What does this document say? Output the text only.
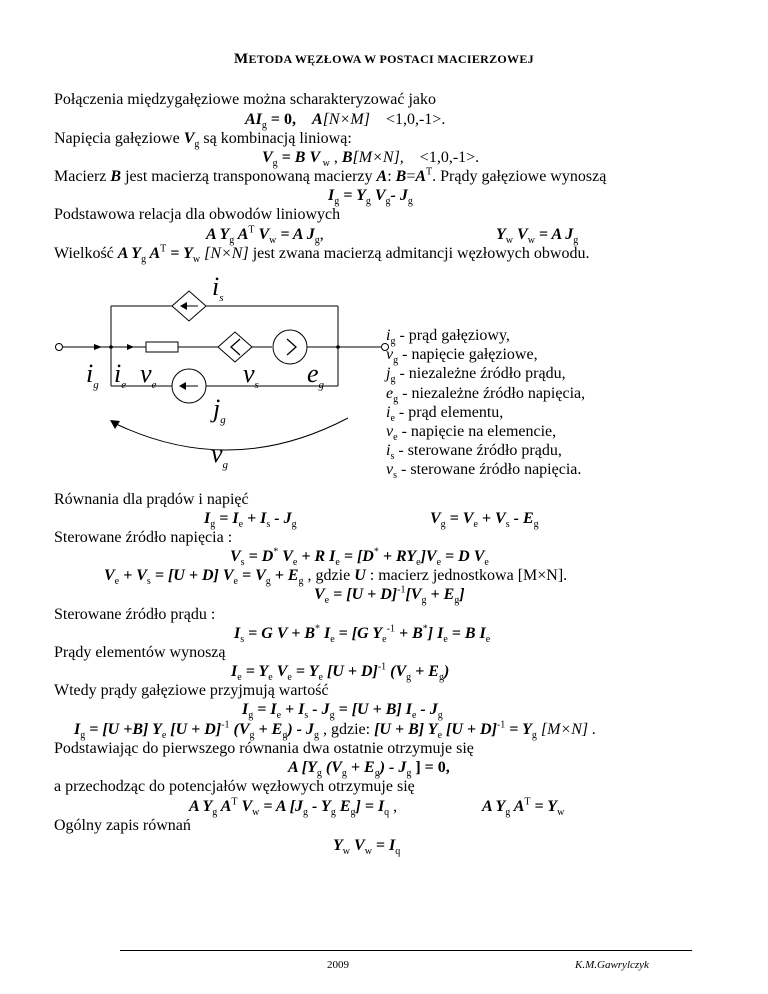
METODA WĘZŁOWA W POSTACI MACIERZOWEJ
Połączenia międzygałęziowe można scharakteryzować jako
$AI_g = 0$, A[N×M] <1,0,-1>.
Napięcia gałęziowe $V_g$ są kombinacją liniową:
$V_g = B$ V $_w$ , B[M×N], <1,0,-1>.
Macierz B jest macierzą transponowaną macierzy A: $B=A^T$. Prądy gałęziowe wynoszą
$I_g = Y_g$ $V_g-$ $J_g$
Podstawowa relacja dla obwodów liniowych
A $Y_g$ $A^T$ $V_w = A$ $J_g$,	$Y_w$ $V_w = A$ $J_g$
Wielkość A $Y_g$ $A^T = Y_w$ [N×N] jest zwana macierzą admitancji węzłowych obwodu.
$i_s$
$i_g$ $i_e$ $v_e$	$v_s$ $e_g$
$j_g$
$v_g$
$i_g$ - prąd gałęziowy,
$v_g$ - napięcie gałęziowe,
$j_g$ - niezależne źródło prądu,
$e_g$ - niezależne źródło napięcia,
$i_e$ - prąd elementu,
$v_e$ - napięcie na elemencie,
$i_s$ - sterowane źródło prądu,
$v_s$ - sterowane źródło napięcia.
Równania dla prądów i napięć
$I_g = I_e + I_s - J_g$	$V_g = V_e + V_s - E_g$
Sterowane źródło napięcia :
$V_s = D^*$ $V_e + R$ $I_e = [D^* + RY_e]V_e = D$ $V_e$
$V_e + V_s = [U + D] V_e = V_g + E_g$ , gdzie U : macierz jednostkowa [M×N].
$V_e = [U + D]^{-1}[V_g + E_g]$
Sterowane źródło prądu :
$I_s = G$ V + B* $I_e = [G$ $Y_e^{-1} + B^*$] $I_e = B$ $I_e$
Prądy elementów wynoszą
$I_e = Y_e$ $V_e = Y_e$ $[U + D]^{-1}$ $(V_g + E_g)$
Wtedy prądy gałęziowe przyjmują wartość
$I_g = I_e + I_s - J_g = [U + B]$ $I_e - J_g$
$I_g = [U +B]$ $Y_e$ $[U + D]^{-1}$ $(V_g + E_g) - J_g$ , gdzie: [U + B] $Y_e$ $[U + D]^{-1} = Y_g$ [M×N] .
Podstawiając do pierwszego równania dwa ostatnie otrzymuje się
A [$Y_g$ $(V_g + E_g) - J_g$ ] = 0,
a przechodząc do potencjałów węzłowych otrzymuje się
A $Y_g$ $A^T$ $V_w = A$ [$J_g - Y_g$ $E_g] = I_q$ ,	A $Y_g$ $A^T = Y_w$
Ogólny zapis równań
$Y_w$ $V_w = I_q$
2009	K.M.Gawrylczyk
